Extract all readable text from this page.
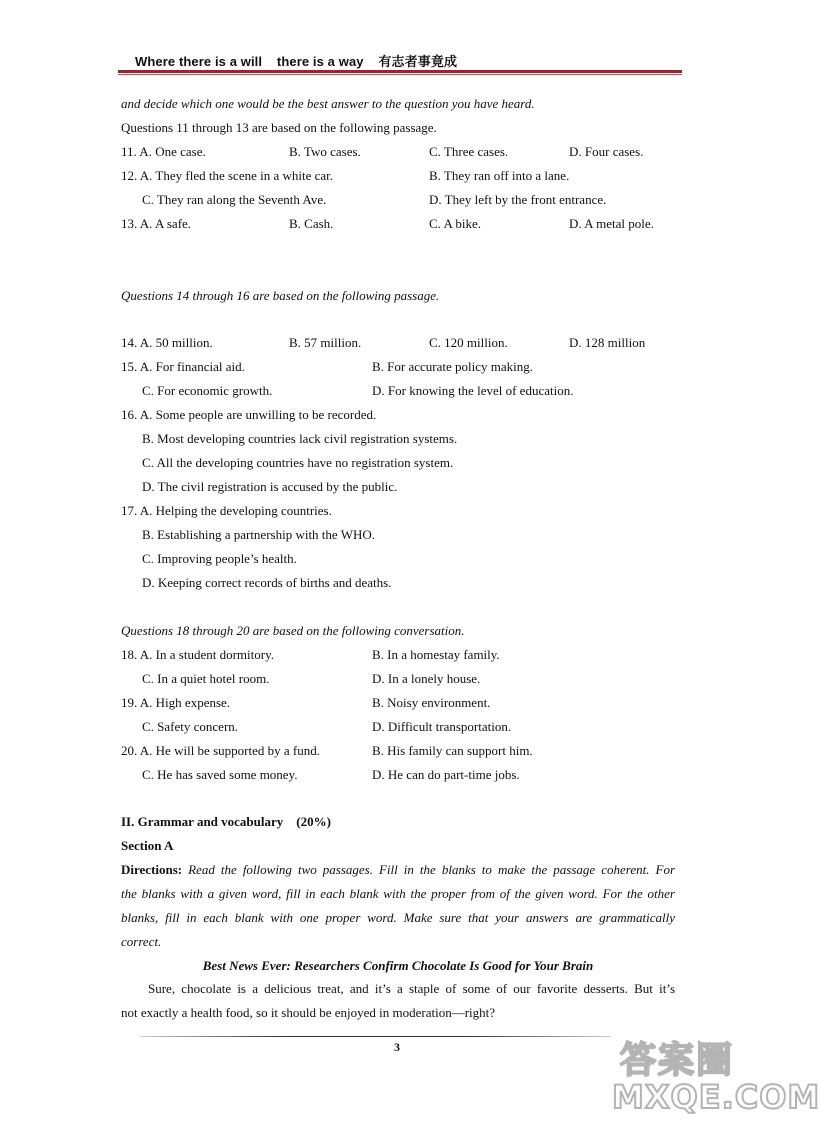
Where there is a will    there is a way    有志者事竟成
and decide which one would be the best answer to the question you have heard.
Questions 11 through 13 are based on the following passage.
11. A. One case.	B. Two cases.	C. Three cases.	D. Four cases.
12. A. They fled the scene in a white car.	B. They ran off into a lane.
C. They ran along the Seventh Ave.	D. They left by the front entrance.
13. A. A safe.	B. Cash.	C. A bike.	D. A metal pole.
Questions 14 through 16 are based on the following passage.
14. A. 50 million.	B. 57 million.	C. 120 million.	D. 128 million
15. A. For financial aid.	B. For accurate policy making.
C. For economic growth.	D. For knowing the level of education.
16. A. Some people are unwilling to be recorded.
B. Most developing countries lack civil registration systems.
C. All the developing countries have no registration system.
D. The civil registration is accused by the public.
17. A. Helping the developing countries.
B. Establishing a partnership with the WHO.
C. Improving people’s health.
D. Keeping correct records of births and deaths.
Questions 18 through 20 are based on the following conversation.
18. A. In a student dormitory.	B. In a homestay family.
C. In a quiet hotel room.	D. In a lonely house.
19. A. High expense.	B. Noisy environment.
C. Safety concern.	D. Difficult transportation.
20. A. He will be supported by a fund.	B. His family can support him.
C. He has saved some money.	D. He can do part-time jobs.
II. Grammar and vocabulary    (20%)
Section A
Directions: Read the following two passages. Fill in the blanks to make the passage coherent. For
the blanks with a given word, fill in each blank with the proper from of the given word. For the other
blanks, fill in each blank with one proper word. Make sure that your answers are grammatically
correct.
Best News Ever: Researchers Confirm Chocolate Is Good for Your Brain
Sure, chocolate is a delicious treat, and it’s a staple of some of our favorite desserts. But it’s
not exactly a health food, so it should be enjoyed in moderation—right?
3	答案圈
MXQE.COM
